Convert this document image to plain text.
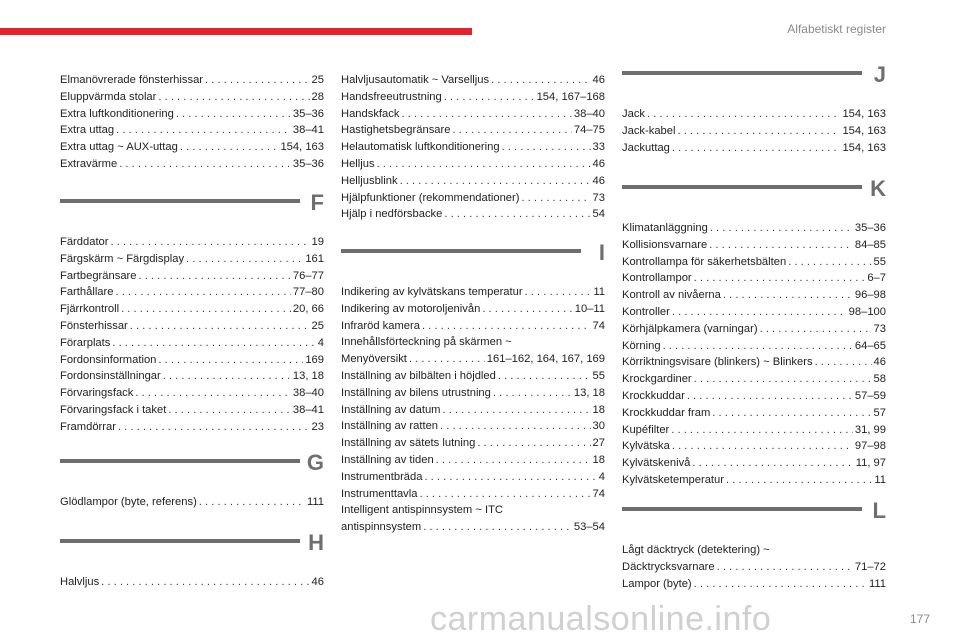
Alfabetiskt register
Elmanövrerade fönsterhissar . . .	25
Eluppvärmda stolar . . .	28
Extra luftkonditionering . . .	35–36
Extra uttag . . .	38–41
Extra uttag ~ AUX-uttag . . .	154, 163
Extravärme . . .	35–36
F
Färddator . . .	19
Färgskärm ~ Färgdisplay . . .	161
Fartbegränsare . . .	76–77
Farthållare . . .	77–80
Fjärrkontroll . . .	20, 66
Fönsterhissar . . .	25
Förarplats . . .	4
Fordonsinformation . . .	169
Fordonsinställningar . . .	13, 18
Förvaringsfack . . .	38–40
Förvaringsfack i taket . . .	38–41
Framdörrar . . .	23
G
Glödlampor (byte, referens) . . .	111
H
Halvljus . . .	46
Halvljusautomatik ~ Varselljus . . .	46
Handsfreeutrustning . . .	154, 167–168
Handskfack . . .	38–40
Hastighetsbegränsare . . .	74–75
Helautomatisk luftkonditionering . . .	33
Helljus . . .	46
Helljusblink . . .	46
Hjälpfunktioner (rekommendationer) . . .	73
Hjälp i nedförsbacke . . .	54
I
Indikering av kylvätskans temperatur . . .	11
Indikering av motoroljenivån . . .	10–11
Infraröd kamera . . .	74
Innehållsförteckning på skärmen ~
Menyöversikt . . .	161–162, 164, 167, 169
Inställning av bilbälten i höjdled . . .	55
Inställning av bilens utrustning . . .	13, 18
Inställning av datum . . .	18
Inställning av ratten . . .	30
Inställning av sätets lutning . . .	27
Inställning av tiden . . .	18
Instrumentbräda . . .	4
Instrumenttavla . . .	74
Intelligent antispinnsystem ~ ITC
antispinnsystem . . .	53–54
J
Jack . . .	154, 163
Jack-kabel . . .	154, 163
Jackuttag . . .	154, 163
K
Klimatanläggning . . .	35–36
Kollisionsvarnare . . .	84–85
Kontrollampa för säkerhetsbälten . . .	55
Kontrollampor . . .	6–7
Kontroll av nivåerna . . .	96–98
Kontroller . . .	98–100
Körhjälpkamera (varningar) . . .	73
Körning . . .	64–65
Körriktningsvisare (blinkers) ~ Blinkers . . .	46
Krockgardiner . . .	58
Krockkuddar . . .	57–59
Krockkuddar fram . . .	57
Kupéfilter . . .	31, 99
Kylvätska . . .	97–98
Kylvätskenivå . . .	11, 97
Kylvätsketemperatur . . .	11
L
Lågt däcktryck (detektering) ~
Däcktrycksvarnare . . .	71–72
Lampor (byte) . . .	111
carmanualsonline.info	177
